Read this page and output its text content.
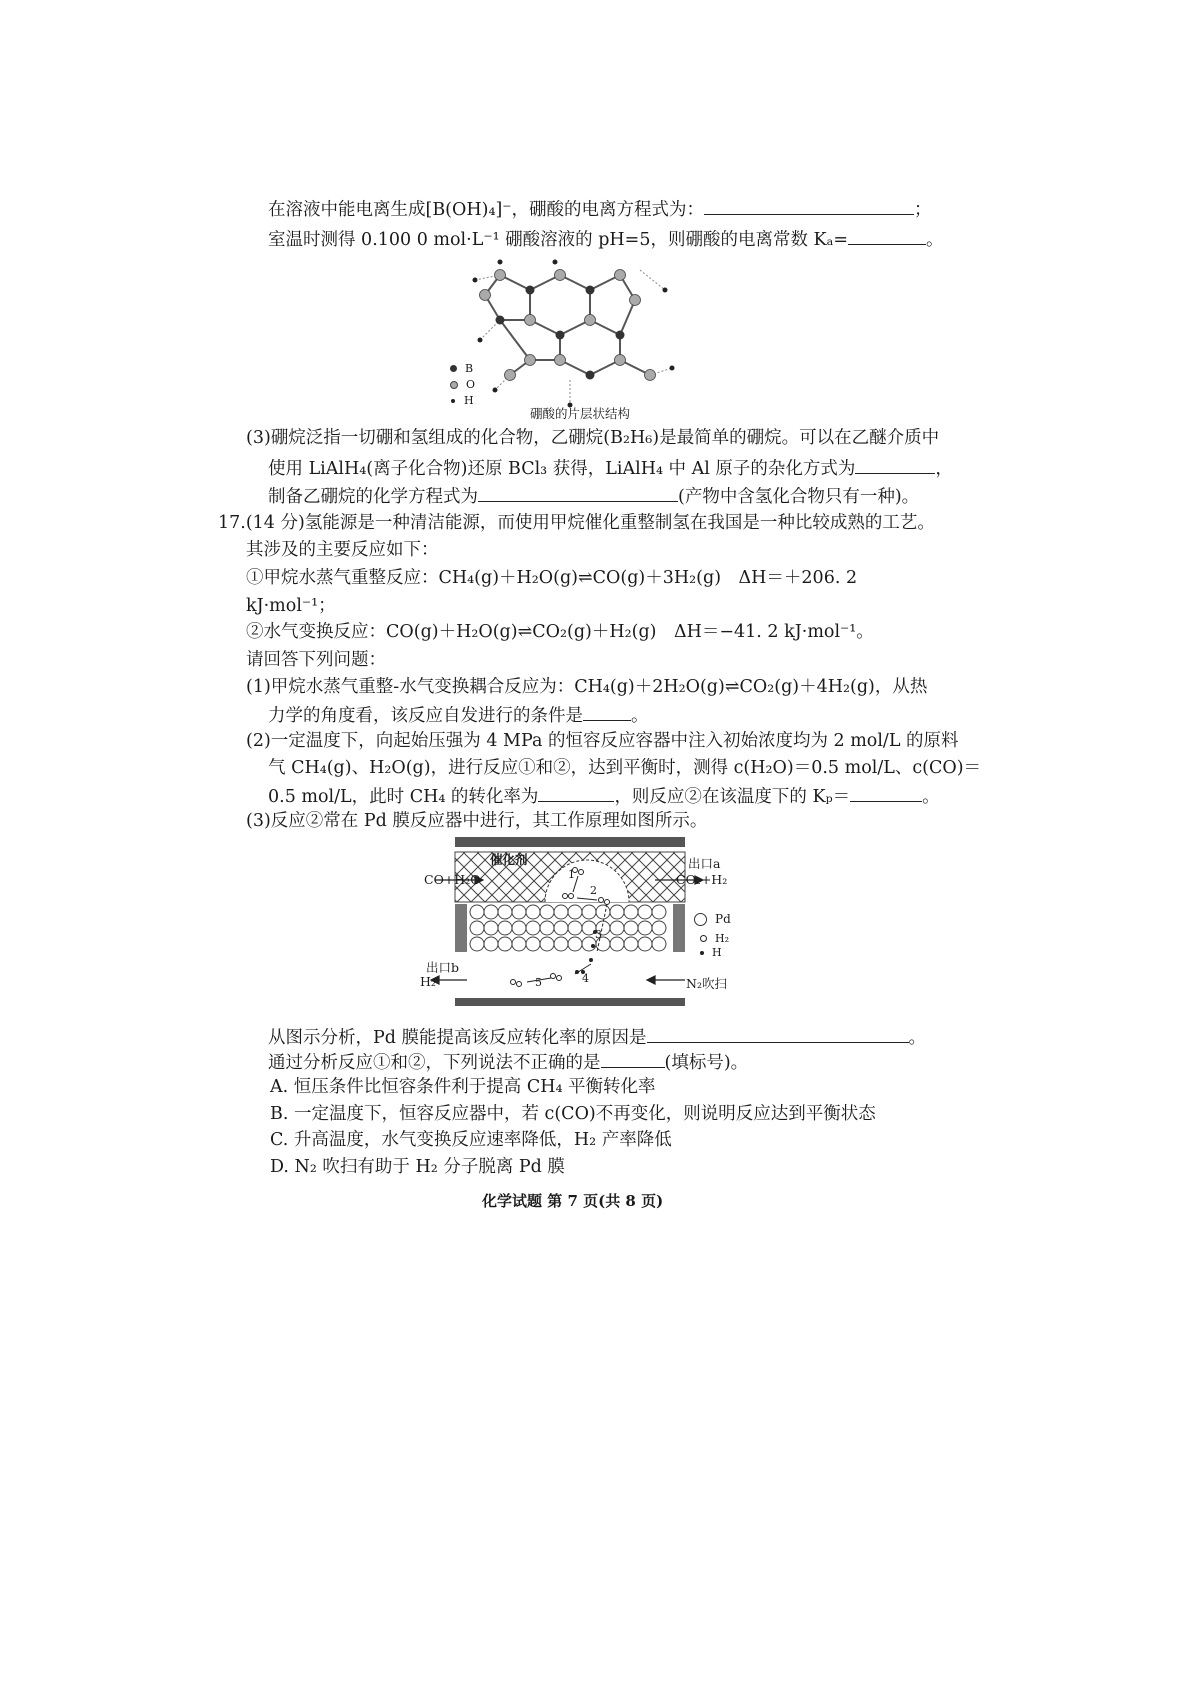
在溶液中能电离生成[B(OH)₄]⁻，硼酸的电离方程式为：	；
室温时测得 0.100 0 mol·L⁻¹ 硼酸溶液的 pH=5，则硼酸的电离常数 Kₐ=	。
B
O
H
硼酸的片层状结构
(3)硼烷泛指一切硼和氢组成的化合物，乙硼烷(B₂H₆)是最简单的硼烷。可以在乙醚介质中
使用 LiAlH₄(离子化合物)还原 BCl₃ 获得，LiAlH₄ 中 Al 原子的杂化方式为	，
制备乙硼烷的化学方程式为	(产物中含氢化合物只有一种)。
17.(14 分)氢能源是一种清洁能源，而使用甲烷催化重整制氢在我国是一种比较成熟的工艺。
其涉及的主要反应如下：
①甲烷水蒸气重整反应：CH₄(g)＋H₂O(g)⇌CO(g)＋3H₂(g)　ΔH＝＋206. 2
kJ·mol⁻¹；
②水气变换反应：CO(g)＋H₂O(g)⇌CO₂(g)＋H₂(g)　ΔH＝−41. 2 kJ·mol⁻¹。
请回答下列问题：
(1)甲烷水蒸气重整-水气变换耦合反应为：CH₄(g)＋2H₂O(g)⇌CO₂(g)＋4H₂(g)，从热
力学的角度看，该反应自发进行的条件是	。
(2)一定温度下，向起始压强为 4 MPa 的恒容反应容器中注入初始浓度均为 2 mol/L 的原料
气 CH₄(g)、H₂O(g)，进行反应①和②，达到平衡时，测得 c(H₂O)＝0.5 mol/L、c(CO)＝
0.5 mol/L，此时 CH₄ 的转化率为	，则反应②在该温度下的 Kₚ＝	。
(3)反应②常在 Pd 膜反应器中进行，其工作原理如图所示。
催化剂	出口a
CO+H₂O	CO₂+H₂
1
2
3
4
5
Pd
H₂
H
出口b
H₂	N₂吹扫
从图示分析，Pd 膜能提高该反应转化率的原因是	。
通过分析反应①和②，下列说法不正确的是	(填标号)。
A. 恒压条件比恒容条件利于提高 CH₄ 平衡转化率
B. 一定温度下，恒容反应器中，若 c(CO)不再变化，则说明反应达到平衡状态
C. 升高温度，水气变换反应速率降低，H₂ 产率降低
D. N₂ 吹扫有助于 H₂ 分子脱离 Pd 膜
化学试题 第 7 页(共 8 页)
